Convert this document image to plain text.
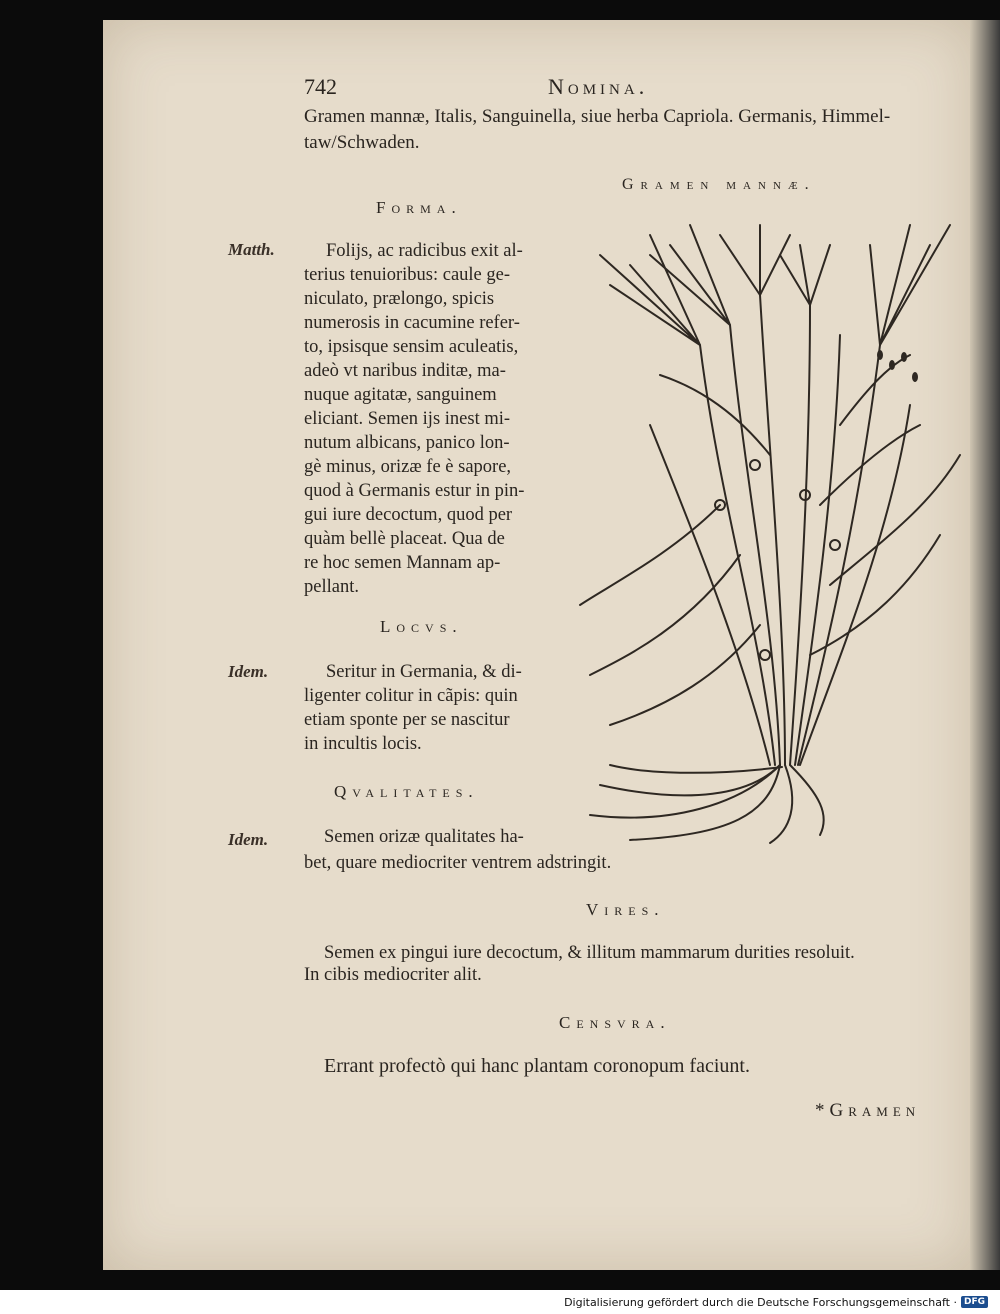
742	Nomina.
Gramen mannæ, Italis, Sanguinella, siue herba Capriola. Germanis, Himmel-
taw/Schwaden.
Gramen mannæ.
Forma.
Matth.	Folijs, ac radicibus exit al-
terius tenuioribus: caule ge-
niculato, prælongo, spicis
numerosis in cacumine refer-
to, ipsisque sensim aculeatis,
adeò vt naribus inditæ, ma-
nuque agitatæ, sanguinem
eliciant. Semen ijs inest mi-
nutum albicans, panico lon-
gè minus, orizæ fe è sapore,
quod à Germanis estur in pin-
gui iure decoctum, quod per
quàm bellè placeat. Qua de
re hoc semen Mannam ap-
pellant.
Locvs.
Idem.	Seritur in Germania, & di-
ligenter colitur in cãpis: quin
etiam sponte per se nascitur
in incultis locis.
Qvalitates.
Idem.	Semen orizæ qualitates ha-
bet, quare mediocriter ventrem adstringit.
Vires.
Semen ex pingui iure decoctum, & illitum mammarum durities resoluit.
In cibis mediocriter alit.
Censvra.
Errant profectò qui hanc plantam coronopum faciunt.
*Gramen
Digitalisierung gefördert durch die Deutsche Forschungsgemeinschaft · DFG
